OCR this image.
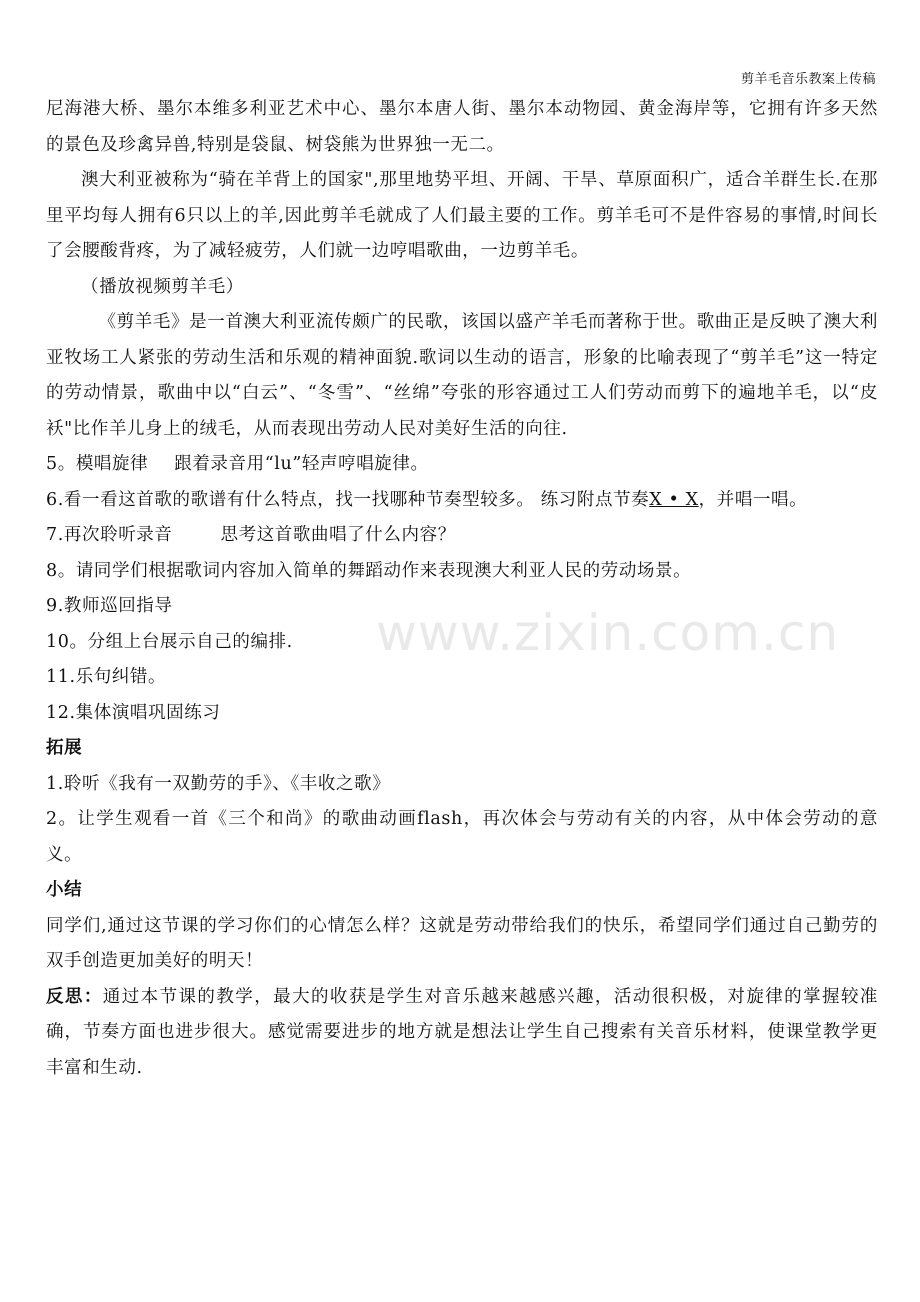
剪羊毛音乐教案上传稿
www.zixin.com.cn

尼海港大桥、墨尔本维多利亚艺术中心、墨尔本唐人街、墨尔本动物园、黄金海岸等，它拥有许多天然的景色及珍禽异兽,特别是袋鼠、树袋熊为世界独一无二。

澳大利亚被称为“骑在羊背上的国家",那里地势平坦、开阔、干旱、草原面积广，适合羊群生长.在那里平均每人拥有6只以上的羊,因此剪羊毛就成了人们最主要的工作。剪羊毛可不是件容易的事情,时间长了会腰酸背疼，为了减轻疲劳，人们就一边哼唱歌曲，一边剪羊毛。

（播放视频剪羊毛）

《剪羊毛》是一首澳大利亚流传颇广的民歌，该国以盛产羊毛而著称于世。歌曲正是反映了澳大利亚牧场工人紧张的劳动生活和乐观的精神面貌.歌词以生动的语言，形象的比喻表现了“剪羊毛”这一特定的劳动情景，歌曲中以“白云”、“冬雪”、“丝绵”夸张的形容通过工人们劳动而剪下的遍地羊毛，以“皮袄"比作羊儿身上的绒毛，从而表现出劳动人民对美好生活的向往.

5。模唱旋律 跟着录音用“lu”轻声哼唱旋律。

6.看一看这首歌的歌谱有什么特点，找一找哪种节奏型较多。 练习附点节奏X • X，并唱一唱。

7.再次聆听录音	思考这首歌曲唱了什么内容？

8。请同学们根据歌词内容加入简单的舞蹈动作来表现澳大利亚人民的劳动场景。

9.教师巡回指导

10。分组上台展示自己的编排.

11.乐句纠错。

12.集体演唱巩固练习

拓展

1.聆听《我有一双勤劳的手》、《丰收之歌》

2。让学生观看一首《三个和尚》的歌曲动画flash，再次体会与劳动有关的内容，从中体会劳动的意义。

小结

同学们,通过这节课的学习你们的心情怎么样？这就是劳动带给我们的快乐，希望同学们通过自己勤劳的双手创造更加美好的明天！

反思：通过本节课的教学，最大的收获是学生对音乐越来越感兴趣，活动很积极，对旋律的掌握较准确，节奏方面也进步很大。感觉需要进步的地方就是想法让学生自己搜索有关音乐材料，使课堂教学更丰富和生动.
